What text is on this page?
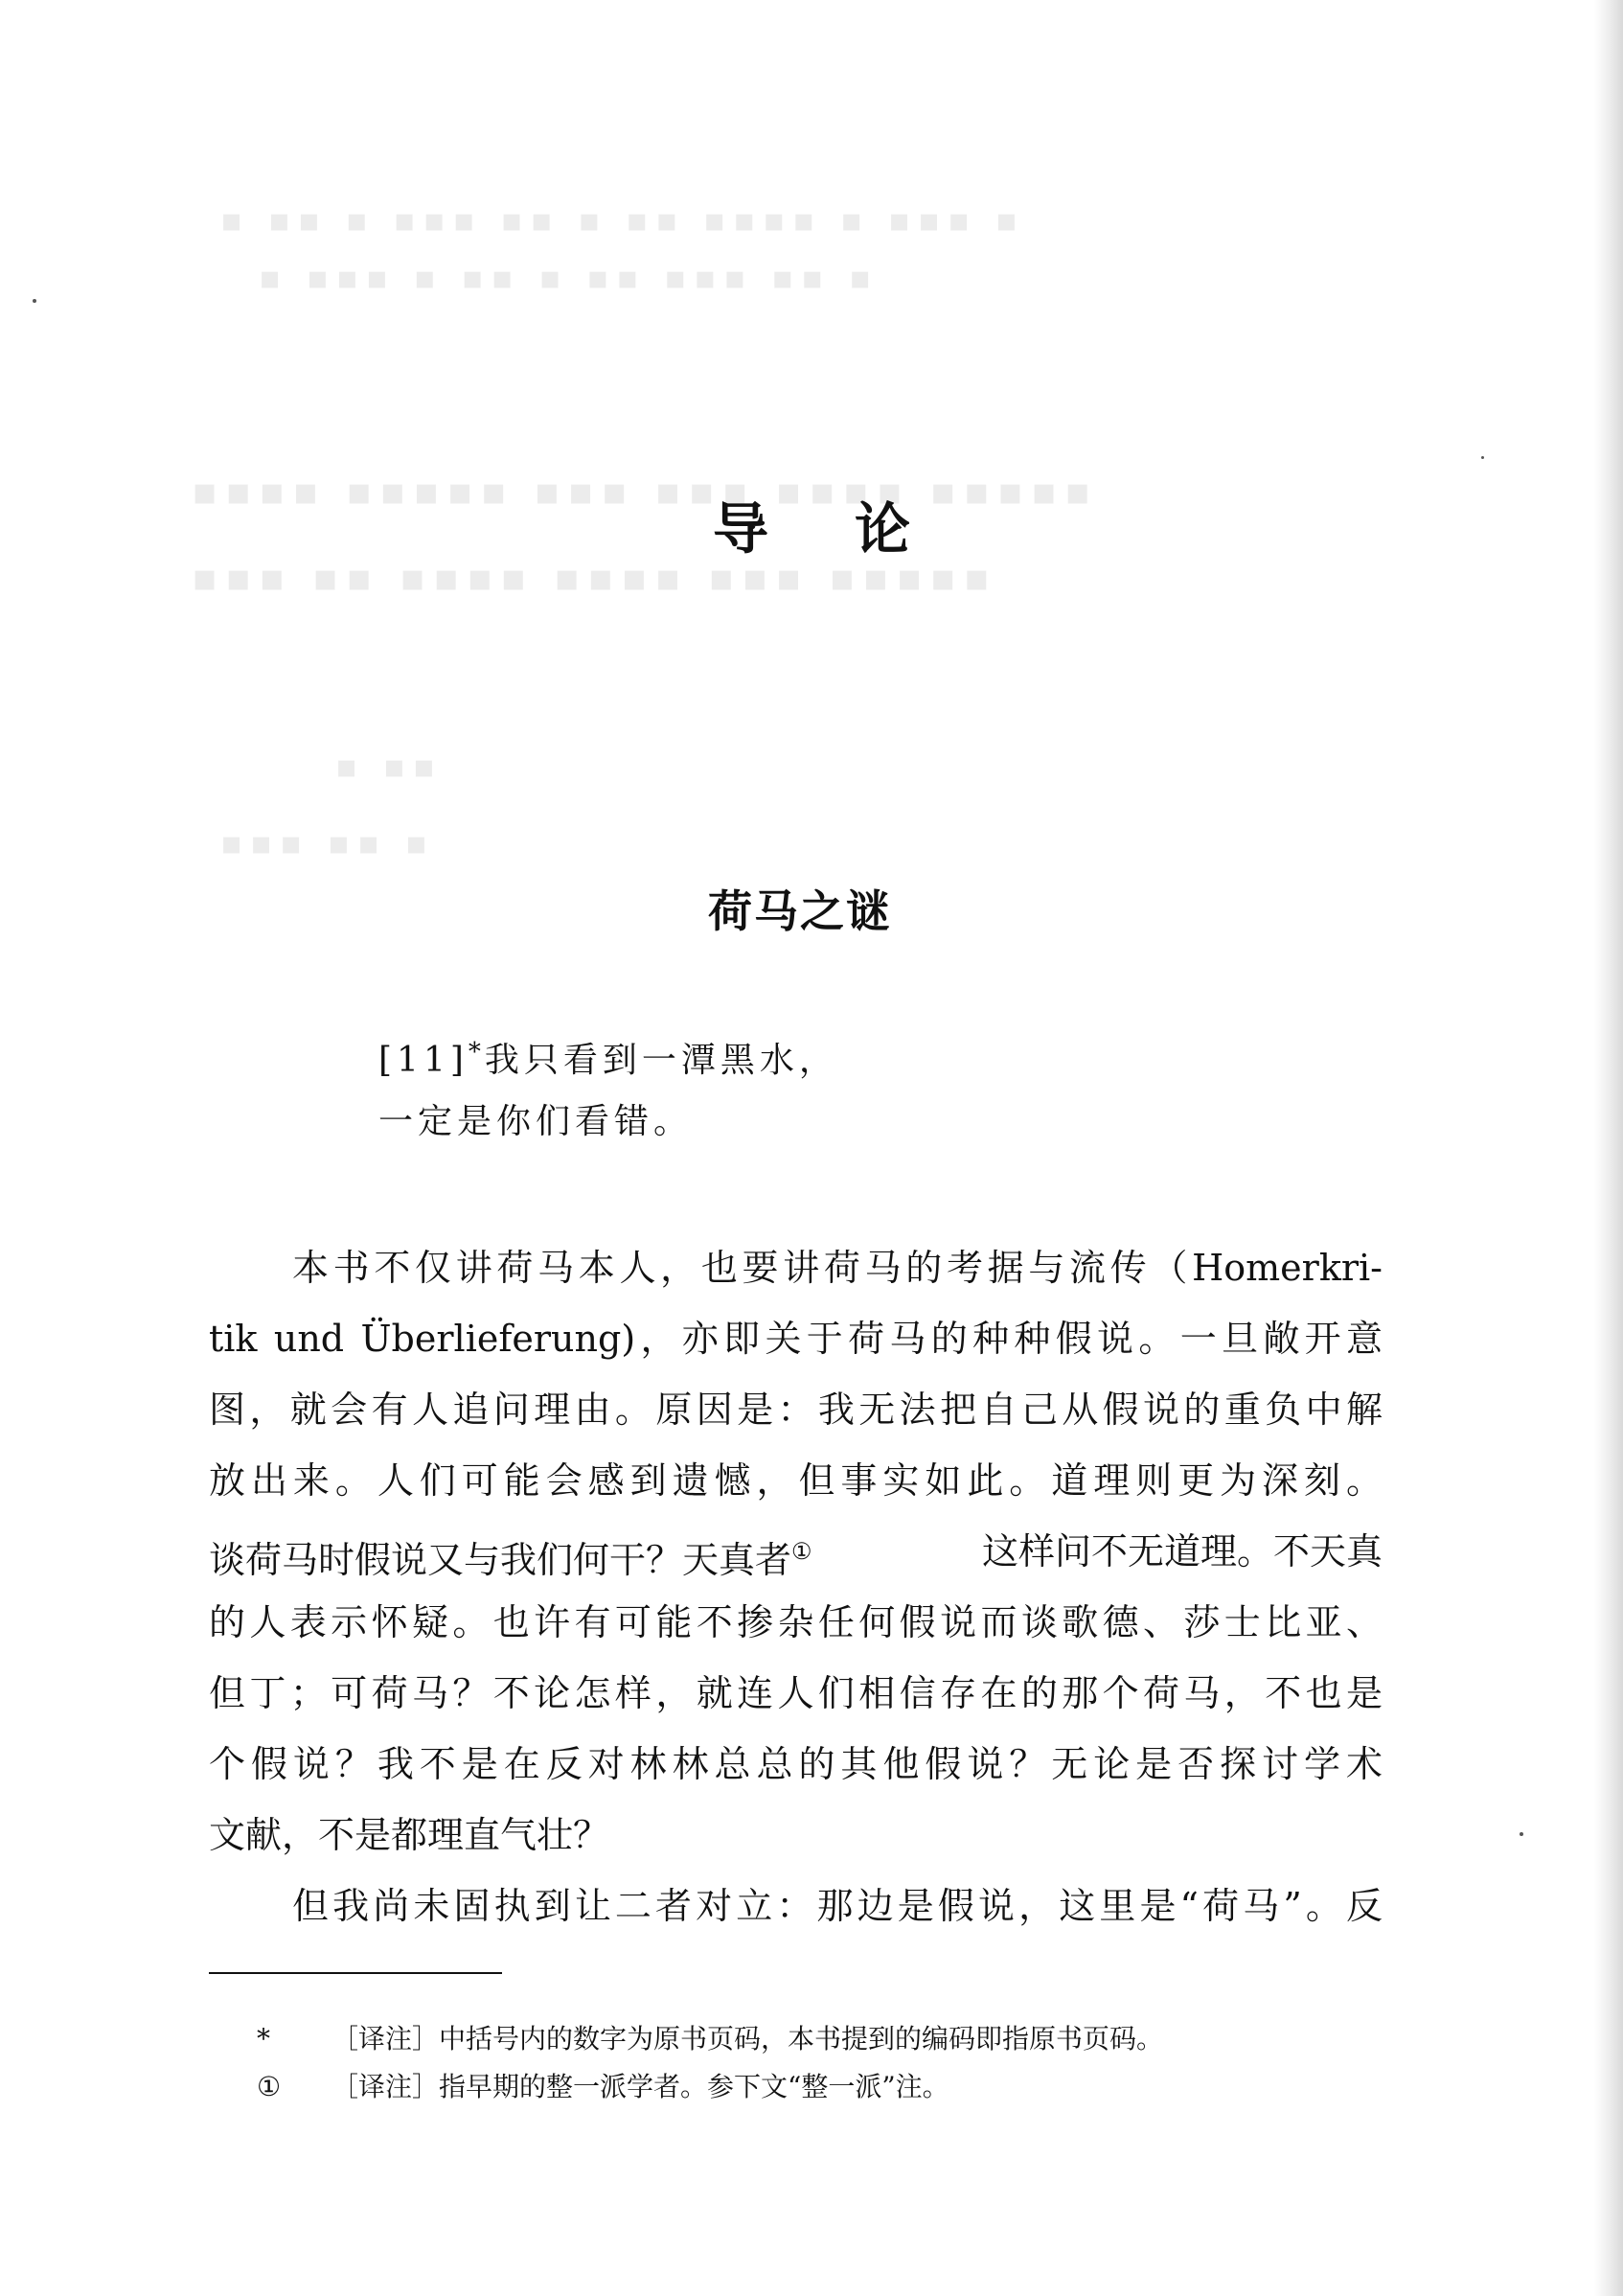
▪ ▪▪ ▪ ▪▪▪ ▪▪ ▪ ▪▪ ▪▪▪▪ ▪ ▪▪▪ ▪
▪ ▪▪▪ ▪ ▪▪ ▪ ▪▪ ▪▪▪ ▪▪ ▪
▪▪▪▪ ▪▪▪▪▪ ▪▪▪ ▪▪▪ ▪▪▪▪ ▪▪▪▪▪
▪▪▪ ▪▪ ▪▪▪▪ ▪▪▪▪ ▪▪▪ ▪▪▪▪▪
▪ ▪▪
▪▪▪ ▪▪ ▪
导论
荷马之谜
[11]*我只看到一潭黑水，
一定是你们看错。
本书不仅讲荷马本人，也要讲荷马的考据与流传（Homerkri-
tik und Überlieferung)，亦即关于荷马的种种假说。一旦敞开意
图，就会有人追问理由。原因是：我无法把自己从假说的重负中解
放出来。人们可能会感到遗憾，但事实如此。道理则更为深刻。
谈荷马时假说又与我们何干？天真者①	这样问不无道理。不天真
的人表示怀疑。也许有可能不掺杂任何假说而谈歌德、莎士比亚、
但丁；可荷马？不论怎样，就连人们相信存在的那个荷马，不也是
个假说？我不是在反对林林总总的其他假说？无论是否探讨学术
文献，不是都理直气壮？
但我尚未固执到让二者对立：那边是假说，这里是“荷马”。反
* ［译注］中括号内的数字为原书页码，本书提到的编码即指原书页码。
① ［译注］指早期的整一派学者。参下文“整一派”注。
